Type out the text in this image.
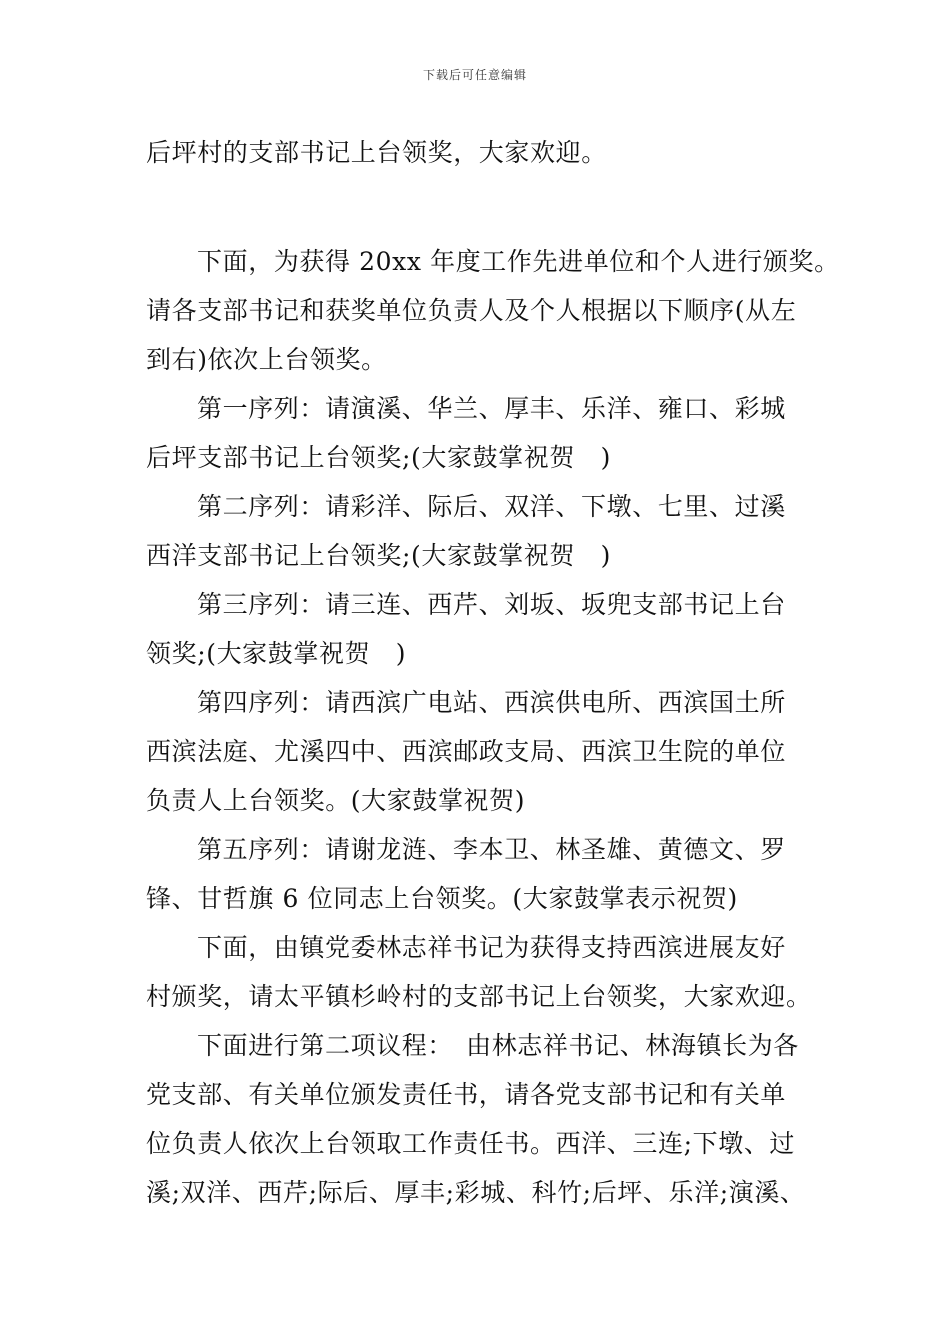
下载后可任意编辑
后坪村的支部书记上台领奖，大家欢迎。
下面，为获得 20xx 年度工作先进单位和个人进行颁奖。
请各支部书记和获奖单位负责人及个人根据以下顺序(从左
到右)依次上台领奖。
第一序列：请演溪、华兰、厚丰、乐洋、雍口、彩城
后坪支部书记上台领奖;(大家鼓掌祝贺　)
第二序列：请彩洋、际后、双洋、下墩、七里、过溪
西洋支部书记上台领奖;(大家鼓掌祝贺　)
第三序列：请三连、西芹、刘坂、坂兜支部书记上台
领奖;(大家鼓掌祝贺　)
第四序列：请西滨广电站、西滨供电所、西滨国土所
西滨法庭、尤溪四中、西滨邮政支局、西滨卫生院的单位
负责人上台领奖。(大家鼓掌祝贺)
第五序列：请谢龙涟、李本卫、林圣雄、黄德文、罗
锋、甘哲旗 6 位同志上台领奖。(大家鼓掌表示祝贺)
下面，由镇党委林志祥书记为获得支持西滨进展友好
村颁奖，请太平镇杉岭村的支部书记上台领奖，大家欢迎。
下面进行第二项议程：　由林志祥书记、林海镇长为各
党支部、有关单位颁发责任书，请各党支部书记和有关单
位负责人依次上台领取工作责任书。西洋、三连;下墩、过
溪;双洋、西芹;际后、厚丰;彩城、科竹;后坪、乐洋;演溪、
